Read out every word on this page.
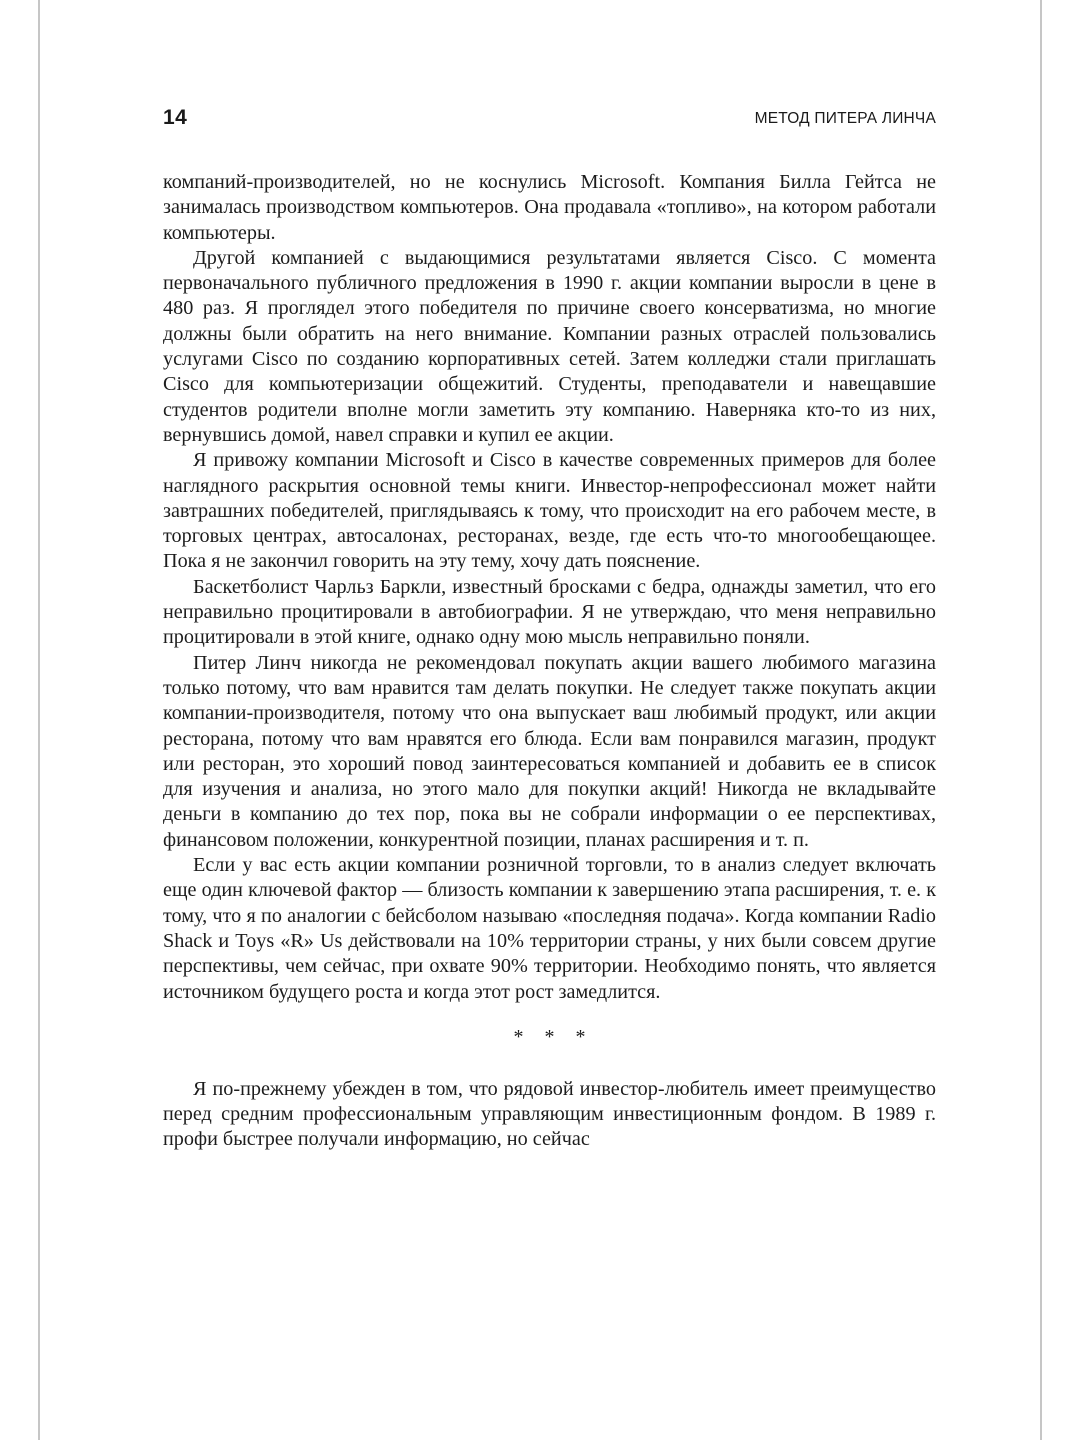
14	МЕТОД ПИТЕРА ЛИНЧА

компаний-производителей, но не коснулись Microsoft. Компания Билла Гейтса не занималась производством компьютеров. Она продавала «топливо», на котором работали компьютеры.

Другой компанией с выдающимися результатами является Cisco. С момента первоначального публичного предложения в 1990 г. акции компании выросли в цене в 480 раз. Я проглядел этого победителя по причине своего консерватизма, но многие должны были обратить на него внимание. Компании разных отраслей пользовались услугами Cisco по созданию корпоративных сетей. Затем колледжи стали приглашать Cisco для компьютеризации общежитий. Студенты, преподаватели и навещавшие студентов родители вполне могли заметить эту компанию. Наверняка кто-то из них, вернувшись домой, навел справки и купил ее акции.

Я привожу компании Microsoft и Cisco в качестве современных примеров для более наглядного раскрытия основной темы книги. Инвестор-непрофессионал может найти завтрашних победителей, приглядываясь к тому, что происходит на его рабочем месте, в торговых центрах, автосалонах, ресторанах, везде, где есть что-то многообещающее. Пока я не закончил говорить на эту тему, хочу дать пояснение.

Баскетболист Чарльз Баркли, известный бросками с бедра, однажды заметил, что его неправильно процитировали в автобиографии. Я не утверждаю, что меня неправильно процитировали в этой книге, однако одну мою мысль неправильно поняли.

Питер Линч никогда не рекомендовал покупать акции вашего любимого магазина только потому, что вам нравится там делать покупки. Не следует также покупать акции компании-производителя, потому что она выпускает ваш любимый продукт, или акции ресторана, потому что вам нравятся его блюда. Если вам понравился магазин, продукт или ресторан, это хороший повод заинтересоваться компанией и добавить ее в список для изучения и анализа, но этого мало для покупки акций! Никогда не вкладывайте деньги в компанию до тех пор, пока вы не собрали информации о ее перспективах, финансовом положении, конкурентной позиции, планах расширения и т. п.

Если у вас есть акции компании розничной торговли, то в анализ следует включать еще один ключевой фактор — близость компании к завершению этапа расширения, т. е. к тому, что я по аналогии с бейсболом называю «последняя подача». Когда компании Radio Shack и Toys «R» Us действовали на 10% территории страны, у них были совсем другие перспективы, чем сейчас, при охвате 90% территории. Необходимо понять, что является источником будущего роста и когда этот рост замедлится.

* * *

Я по-прежнему убежден в том, что рядовой инвестор-любитель имеет преимущество перед средним профессиональным управляющим инвестиционным фондом. В 1989 г. профи быстрее получали информацию, но сейчас
